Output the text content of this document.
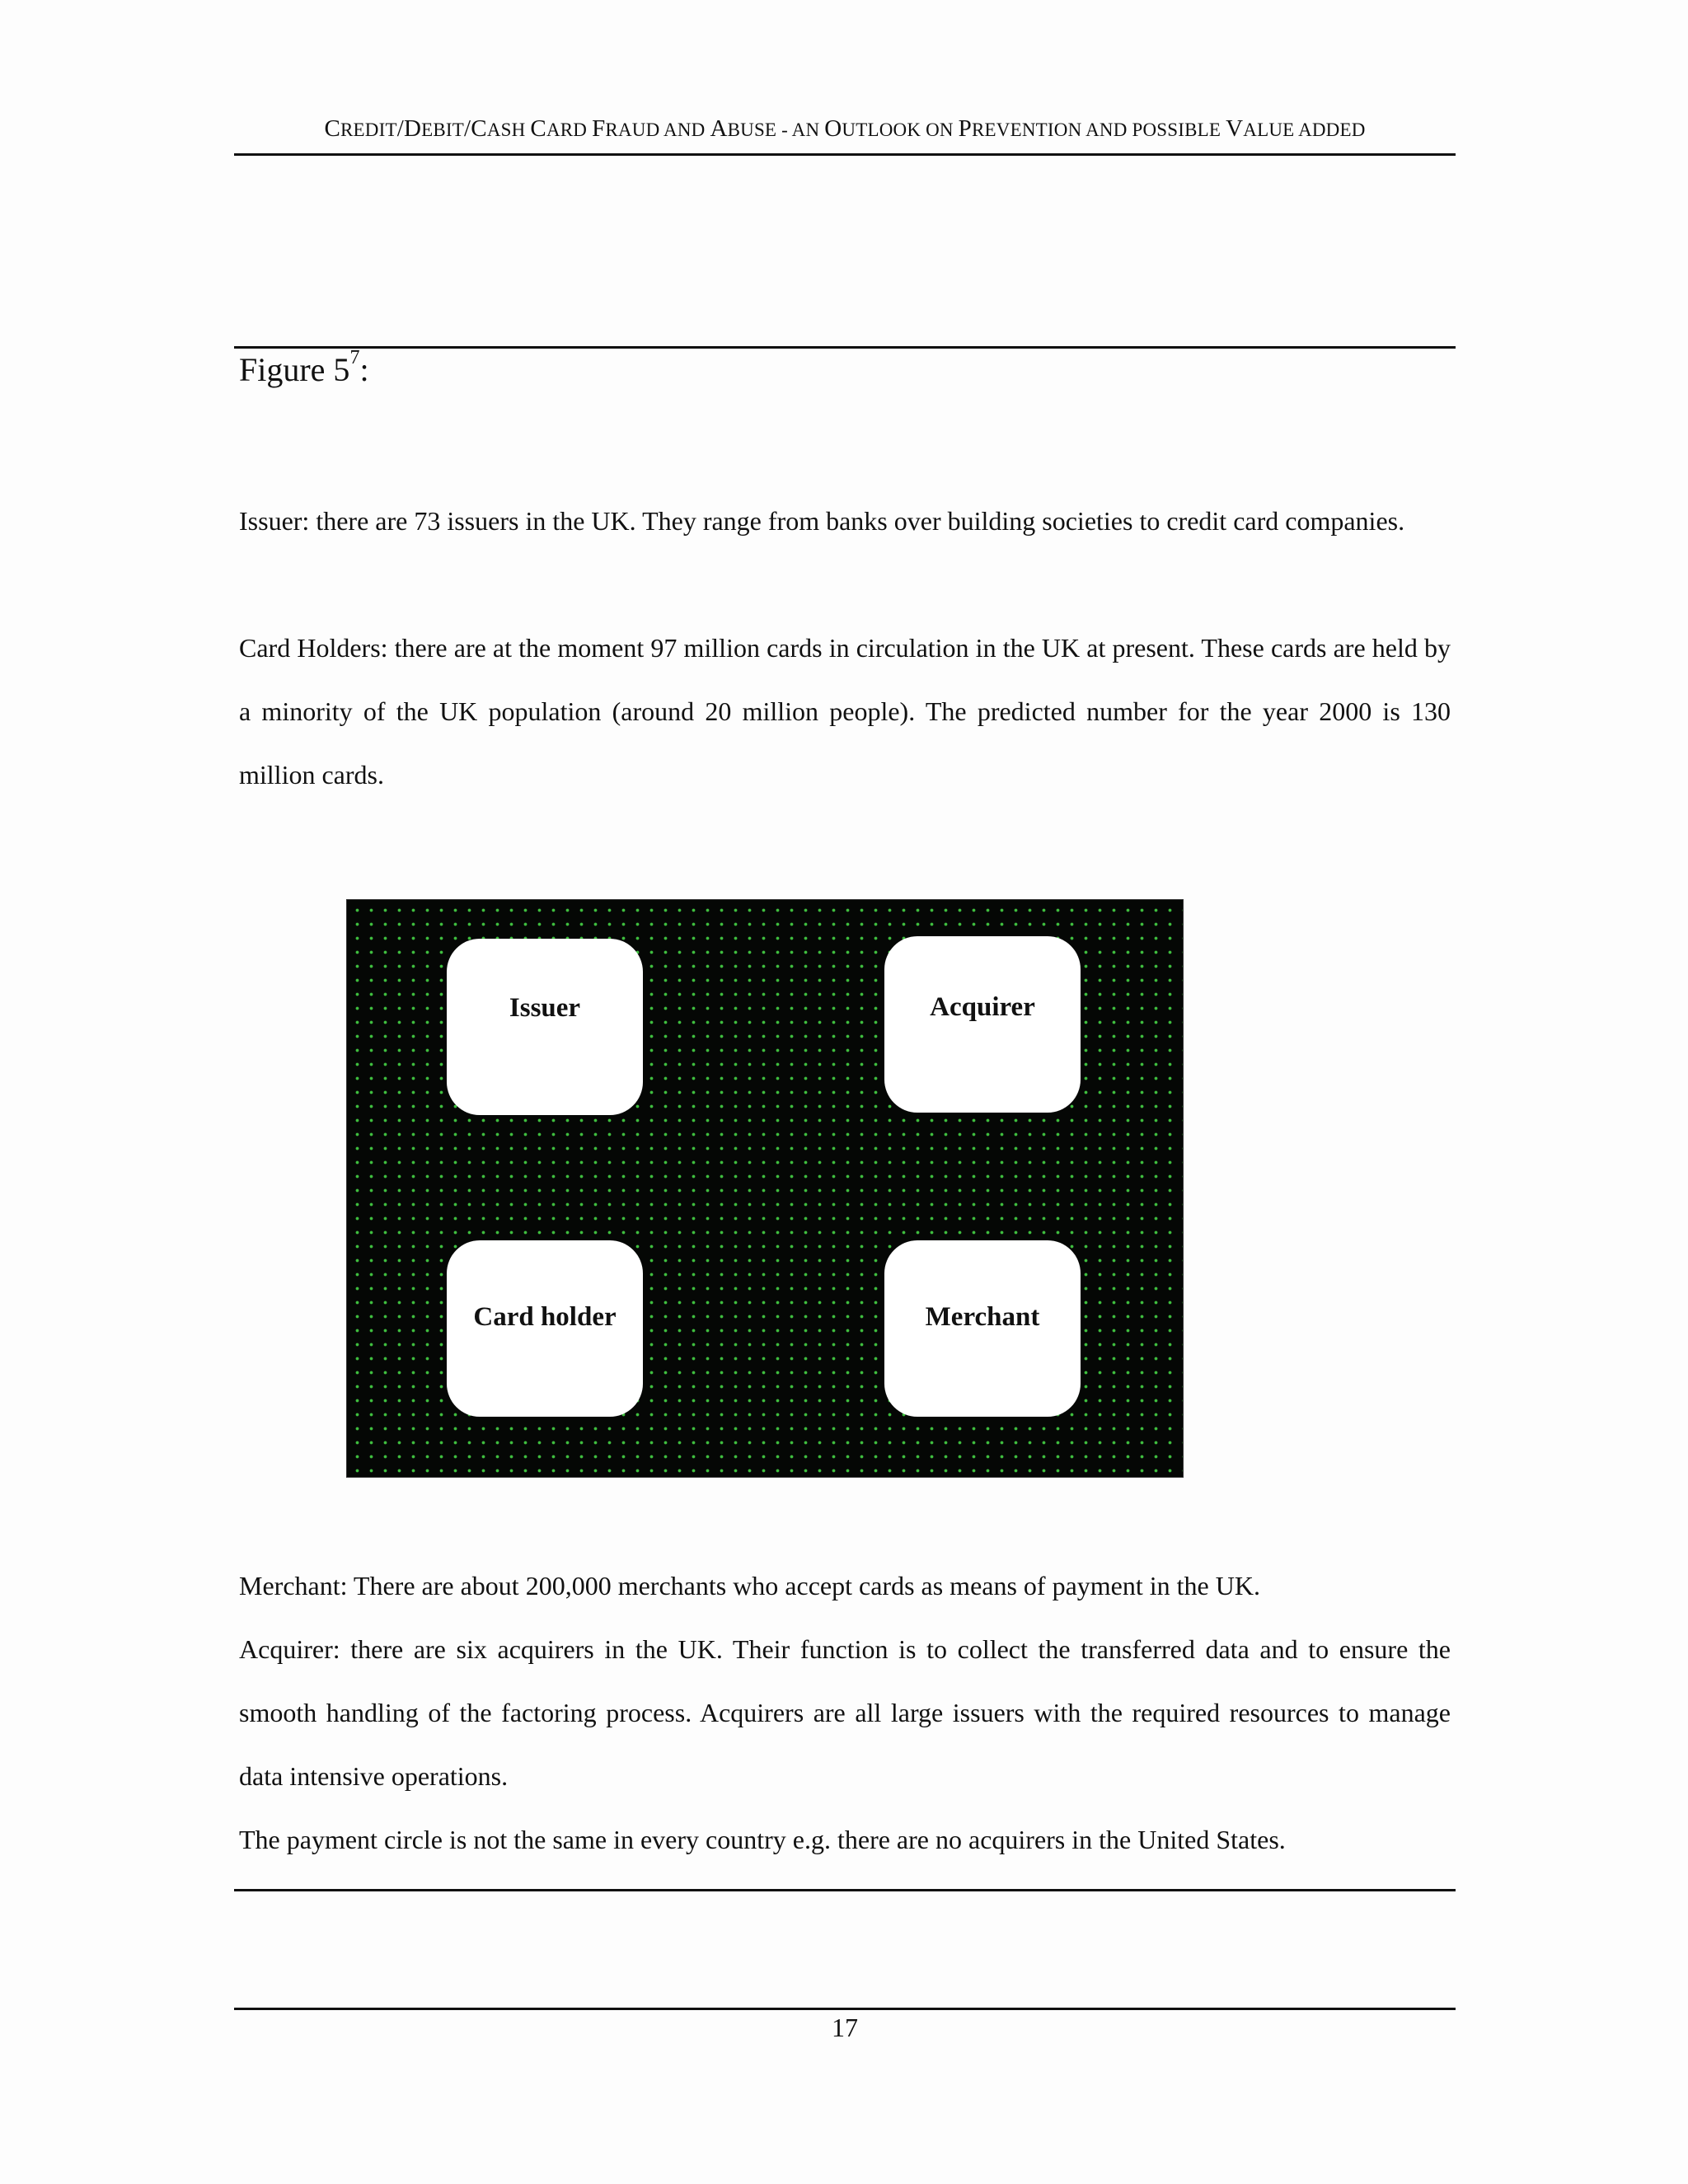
CREDIT/DEBIT/CASH CARD FRAUD AND ABUSE - AN OUTLOOK ON PREVENTION AND POSSIBLE VALUE ADDED
Figure $5^7$:

Issuer: there are 73 issuers in the UK. They range from banks over building societies to credit card companies.

Card Holders: there are at the moment 97 million cards in circulation in the UK at present. These cards are held by a minority of the UK population (around 20 million people). The predicted number for the year 2000 is 130 million cards.

Issuer	Acquirer
Card holder	Merchant

Merchant: There are about 200,000 merchants who accept cards as means of payment in the UK.

Acquirer: there are six acquirers in the UK. Their function is to collect the transferred data and to ensure the smooth handling of the factoring process. Acquirers are all large issuers with the required resources to manage data intensive operations.

The payment circle is not the same in every country e.g. there are no acquirers in the United States.

17
